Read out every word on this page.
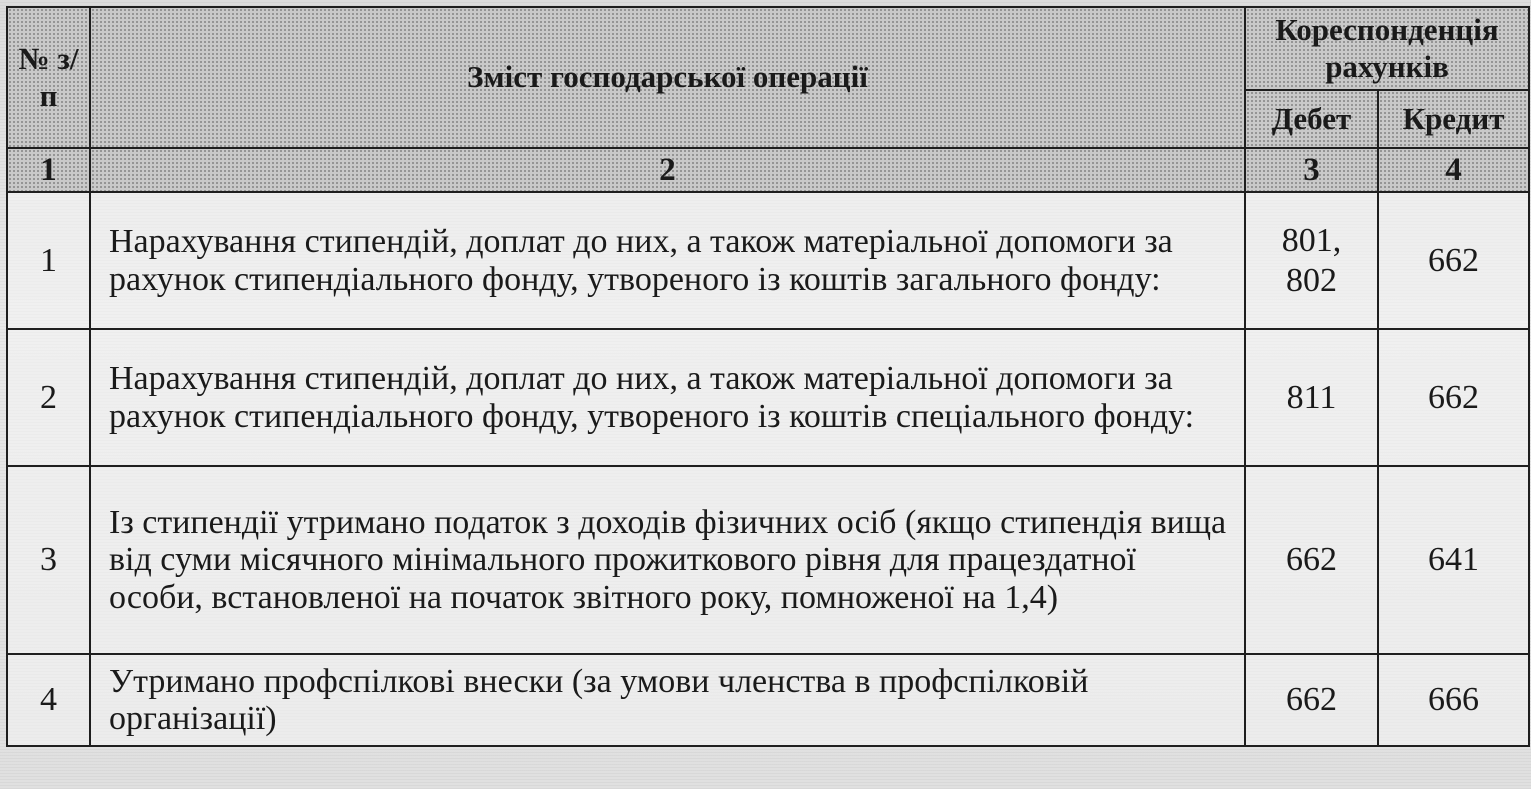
№ з/п	Зміст господарської операції	Кореспонденція рахунків	
		Дебет	Кредит
1	2	3	4
1	Нарахування стипендій, доплат до них, а також матеріальної допомоги за рахунок стипендіального фонду, утвореного із коштів загального фонду:	801, 802	662
2	Нарахування стипендій, доплат до них, а також матеріальної допомоги за рахунок стипендіального фонду, утвореного із коштів спеціального фонду:	811	662
3	Із стипендії утримано податок з доходів фізичних осіб (якщо стипендія вища від суми місячного мінімального прожиткового рівня для працездатної особи, встановленої на початок звітного року, помноженої на 1,4)	662	641
4	Утримано профспілкові внески (за умови членства в профспілковій організації)	662	666
